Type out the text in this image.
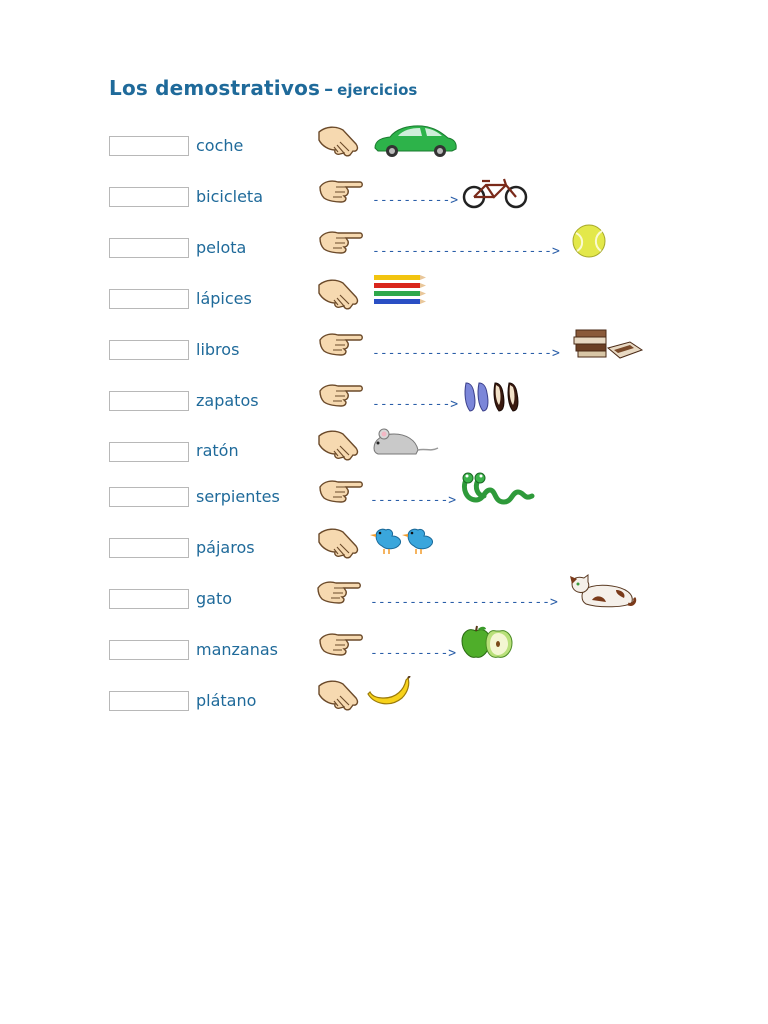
Los demostrativos – ejercicios
coche
bicicleta	---------->
pelota	----------------------->
lápices
libros	----------------------->
zapatos	---------->
ratón
serpientes	---------->
pájaros
gato	----------------------->
manzanas	---------->
plátano
